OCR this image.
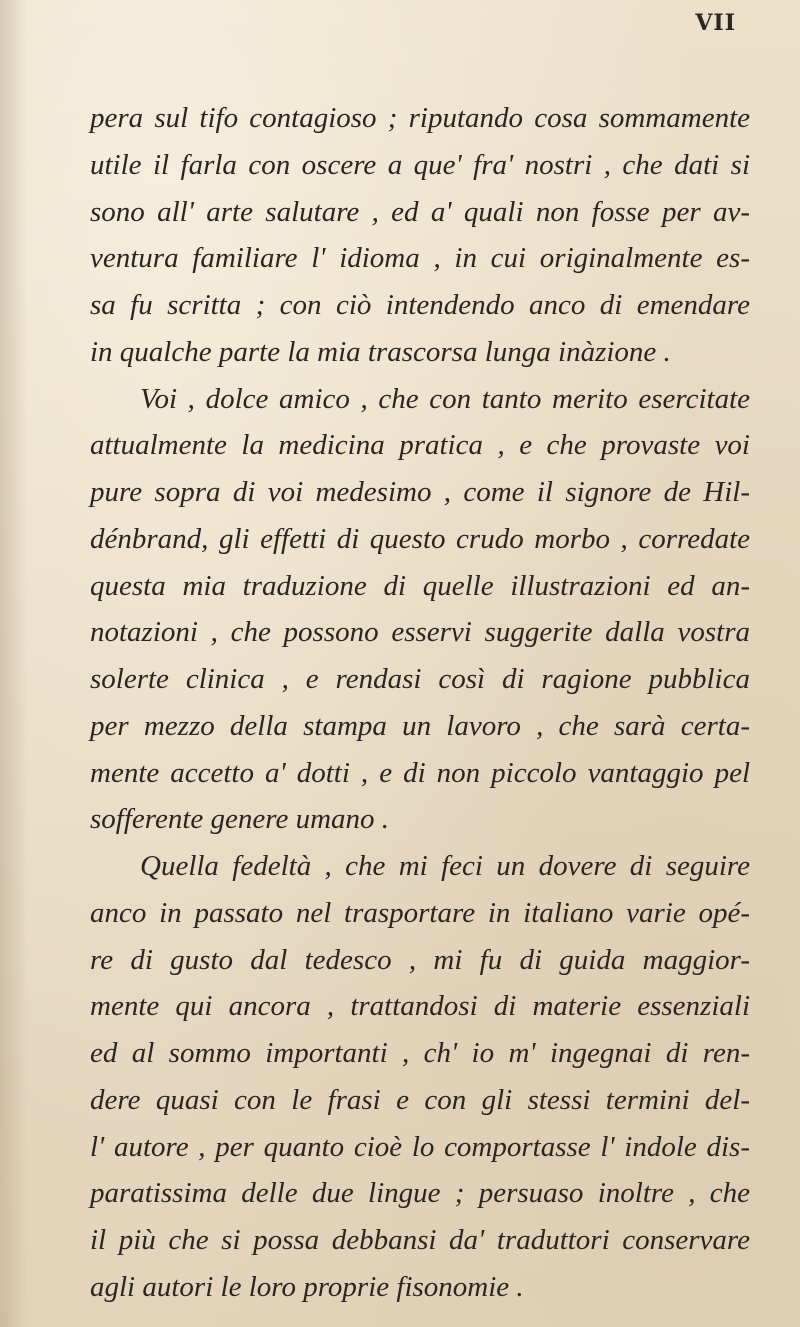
VII
pera sul tifo contagioso ; riputando cosa sommamente
utile il farla con oscere a que' fra' nostri , che dati si
sono all' arte salutare , ed a' quali non fosse per av-
ventura familiare l' idioma , in cui originalmente es-
sa fu scritta ; con ciò intendendo anco di emendare
in qualche parte la mia trascorsa lunga inàzione .
Voi , dolce amico , che con tanto merito esercitate
attualmente la medicina pratica , e che provaste voi
pure sopra di voi medesimo , come il signore de Hil-
dénbrand, gli effetti di questo crudo morbo , corredate
questa mia traduzione di quelle illustrazioni ed an-
notazioni , che possono esservi suggerite dalla vostra
solerte clinica , e rendasi così di ragione pubblica
per mezzo della stampa un lavoro , che sarà certa-
mente accetto a' dotti , e di non piccolo vantaggio pel
sofferente genere umano .
Quella fedeltà , che mi feci un dovere di seguire
anco in passato nel trasportare in italiano varie opé-
re di gusto dal tedesco , mi fu di guida maggior-
mente qui ancora , trattandosi di materie essenziali
ed al sommo importanti , ch' io m' ingegnai di ren-
dere quasi con le frasi e con gli stessi termini del-
l' autore , per quanto cioè lo comportasse l' indole dis-
paratissima delle due lingue ; persuaso inoltre , che
il più che si possa debbansi da' traduttori conservare
agli autori le loro proprie fisonomie .
